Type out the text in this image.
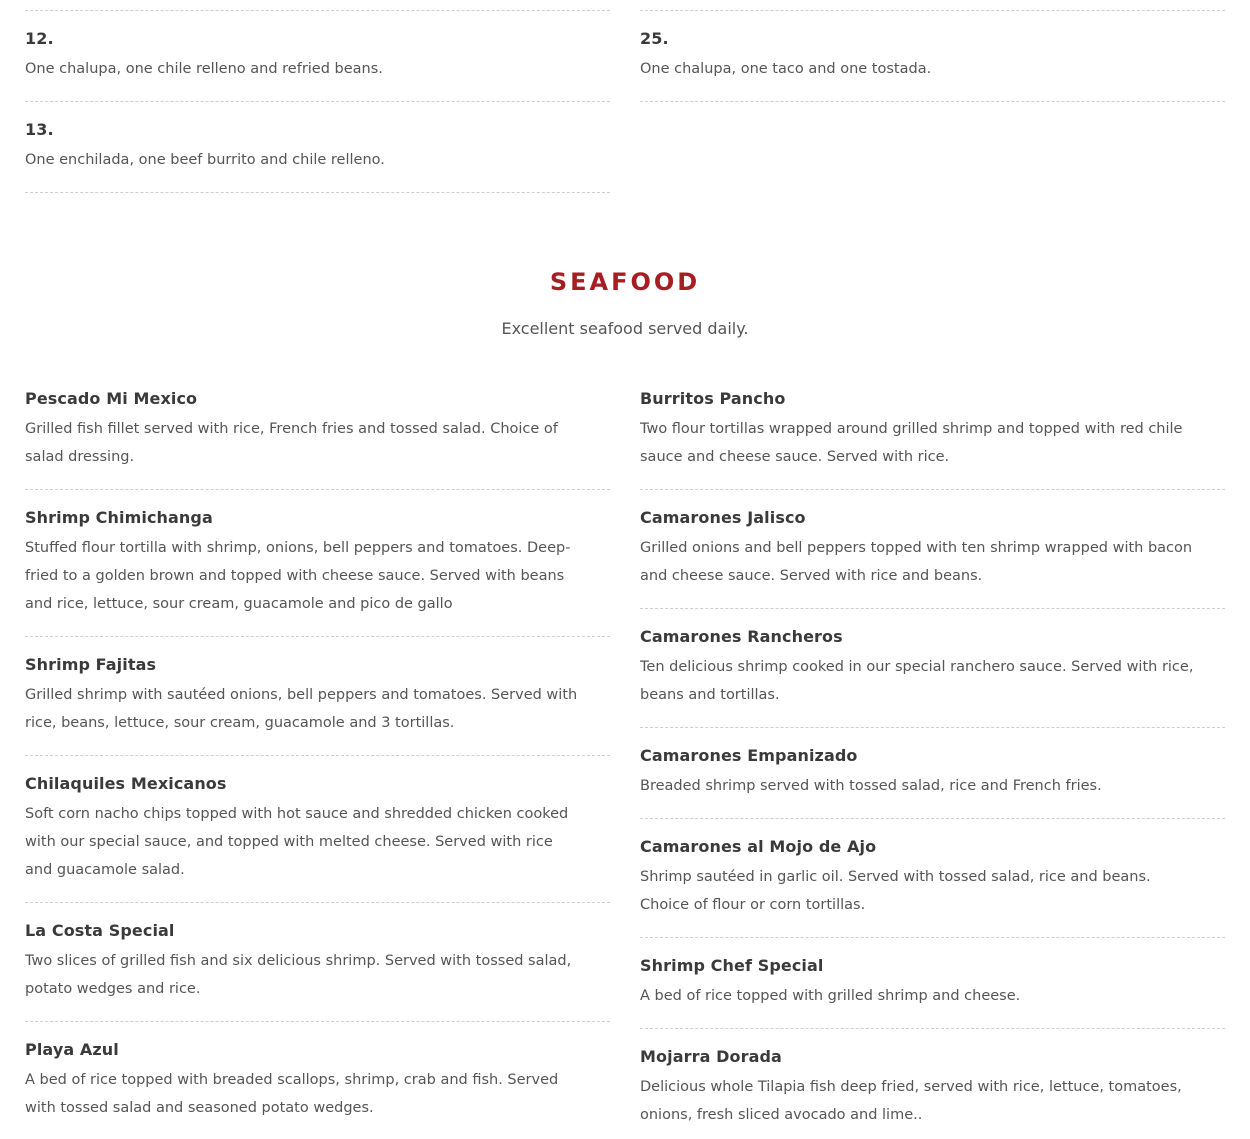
12.
One chalupa, one chile relleno and refried beans.
13.
One enchilada, one beef burrito and chile relleno.
25.
One chalupa, one taco and one tostada.
SEAFOOD
Excellent seafood served daily.
Pescado Mi Mexico
Grilled fish fillet served with rice, French fries and tossed salad. Choice of salad dressing.
Shrimp Chimichanga
Stuffed flour tortilla with shrimp, onions, bell peppers and tomatoes. Deep-fried to a golden brown and topped with cheese sauce. Served with beans and rice, lettuce, sour cream, guacamole and pico de gallo
Shrimp Fajitas
Grilled shrimp with sautéed onions, bell peppers and tomatoes. Served with rice, beans, lettuce, sour cream, guacamole and 3 tortillas.
Chilaquiles Mexicanos
Soft corn nacho chips topped with hot sauce and shredded chicken cooked with our special sauce, and topped with melted cheese. Served with rice and guacamole salad.
La Costa Special
Two slices of grilled fish and six delicious shrimp. Served with tossed salad, potato wedges and rice.
Playa Azul
A bed of rice topped with breaded scallops, shrimp, crab and fish. Served with tossed salad and seasoned potato wedges.
Burritos Pancho
Two flour tortillas wrapped around grilled shrimp and topped with red chile sauce and cheese sauce. Served with rice.
Camarones Jalisco
Grilled onions and bell peppers topped with ten shrimp wrapped with bacon and cheese sauce. Served with rice and beans.
Camarones Rancheros
Ten delicious shrimp cooked in our special ranchero sauce. Served with rice, beans and tortillas.
Camarones Empanizado
Breaded shrimp served with tossed salad, rice and French fries.
Camarones al Mojo de Ajo
Shrimp sautéed in garlic oil. Served with tossed salad, rice and beans. Choice of flour or corn tortillas.
Shrimp Chef Special
A bed of rice topped with grilled shrimp and cheese.
Mojarra Dorada
Delicious whole Tilapia fish deep fried, served with rice, lettuce, tomatoes, onions, fresh sliced avocado and lime..
